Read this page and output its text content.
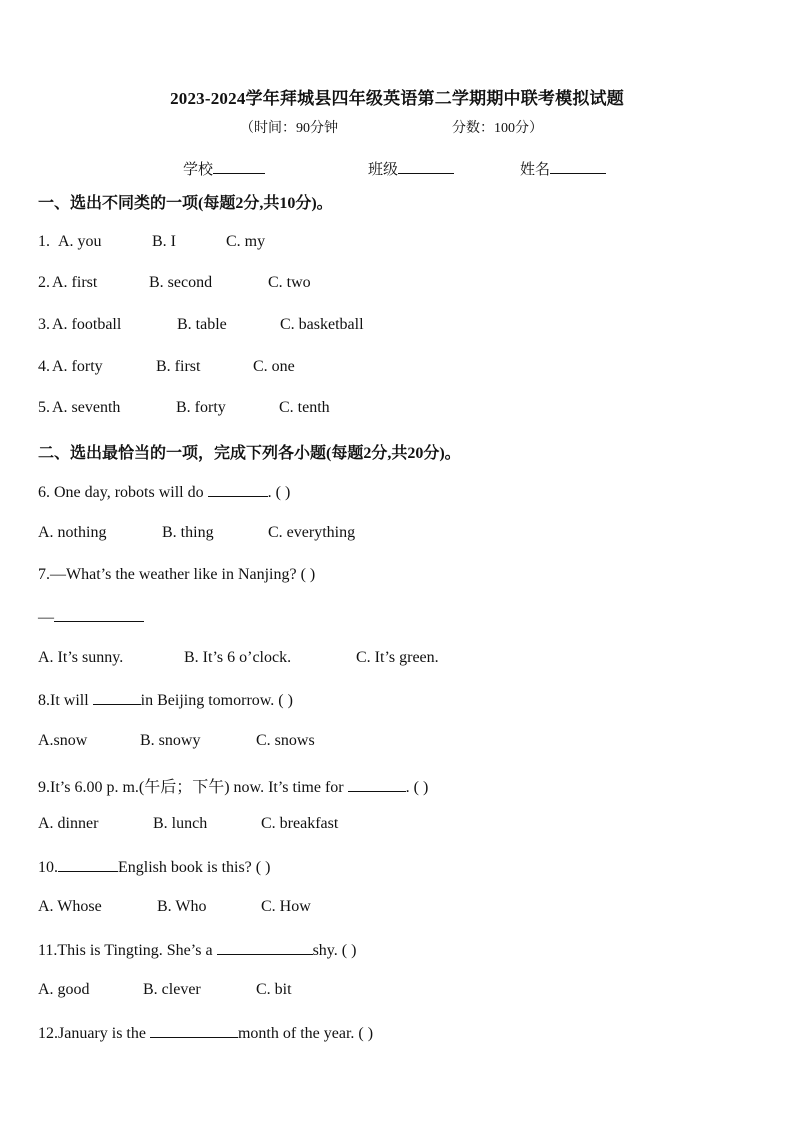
2023-2024学年拜城县四年级英语第二学期期中联考模拟试题
（时间：90分钟	分数：100分）
学校	班级	姓名
一、选出不同类的一项(每题2分,共10分)。
1. A. you	B. I	C. my
2. A. first	B. second	C. two
3. A. football	B. table	C. basketball
4. A. forty	B. first	C. one
5. A. seventh	B. forty	C. tenth
二、选出最恰当的一项，完成下列各小题(每题2分,共20分)。
6. One day, robots will do	. ( )
A. nothing	B. thing	C. everything
7.—What’s the weather like in Nanjing? ( )
—
A. It’s sunny.	B. It’s 6 o’clock.	C. It’s green.
8.It will	in Beijing tomorrow. ( )
A.snow	B. snowy	C. snows
9.It’s 6.00 p. m.(午后；下午) now. It’s time for	. ( )
A. dinner	B. lunch	C. breakfast
10.	English book is this? ( )
A. Whose	B. Who	C. How
11.This is Tingting. She’s a	shy. ( )
A. good	B. clever	C. bit
12.January is the	month of the year. ( )
